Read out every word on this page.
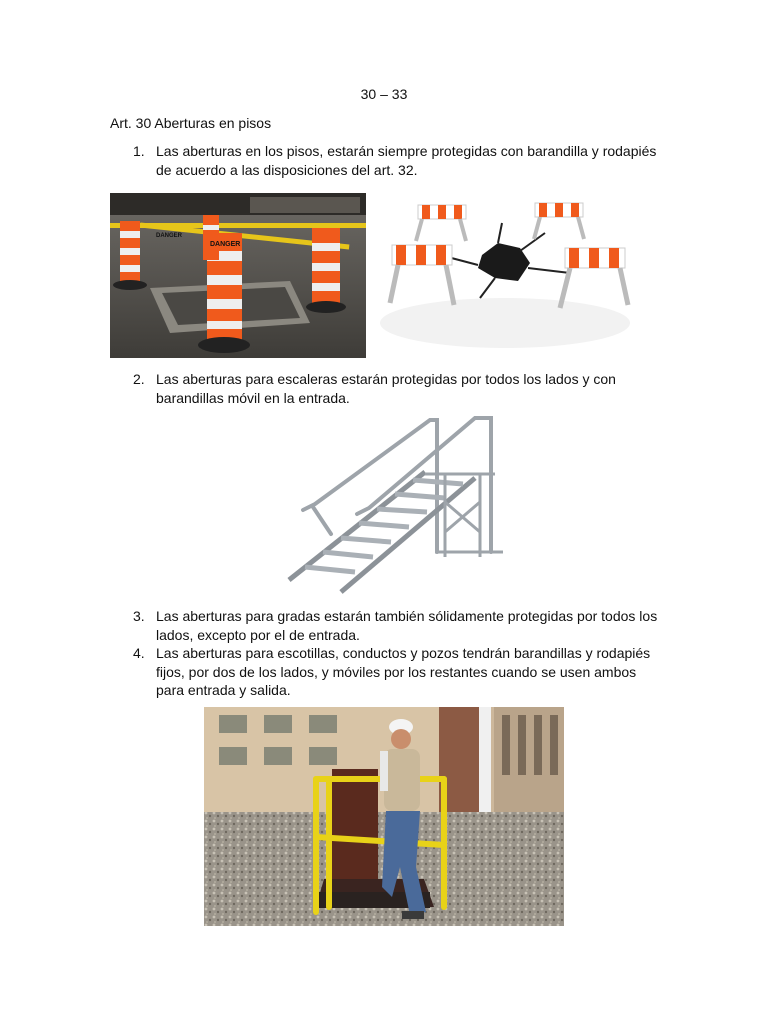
30 – 33
Art. 30 Aberturas en pisos
1. Las aberturas en los pisos, estarán siempre protegidas con barandilla y rodapiés de acuerdo a las disposiciones del art. 32.
DANGER
DANGER
2. Las aberturas para escaleras estarán protegidas por todos los lados y con barandillas móvil en la entrada.
3. Las aberturas para gradas estarán también sólidamente protegidas por todos los lados, excepto por el de entrada.
4. Las aberturas para escotillas, conductos y pozos tendrán barandillas y rodapiés fijos, por dos de los lados, y móviles por los restantes cuando se usen ambos para entrada y salida.
